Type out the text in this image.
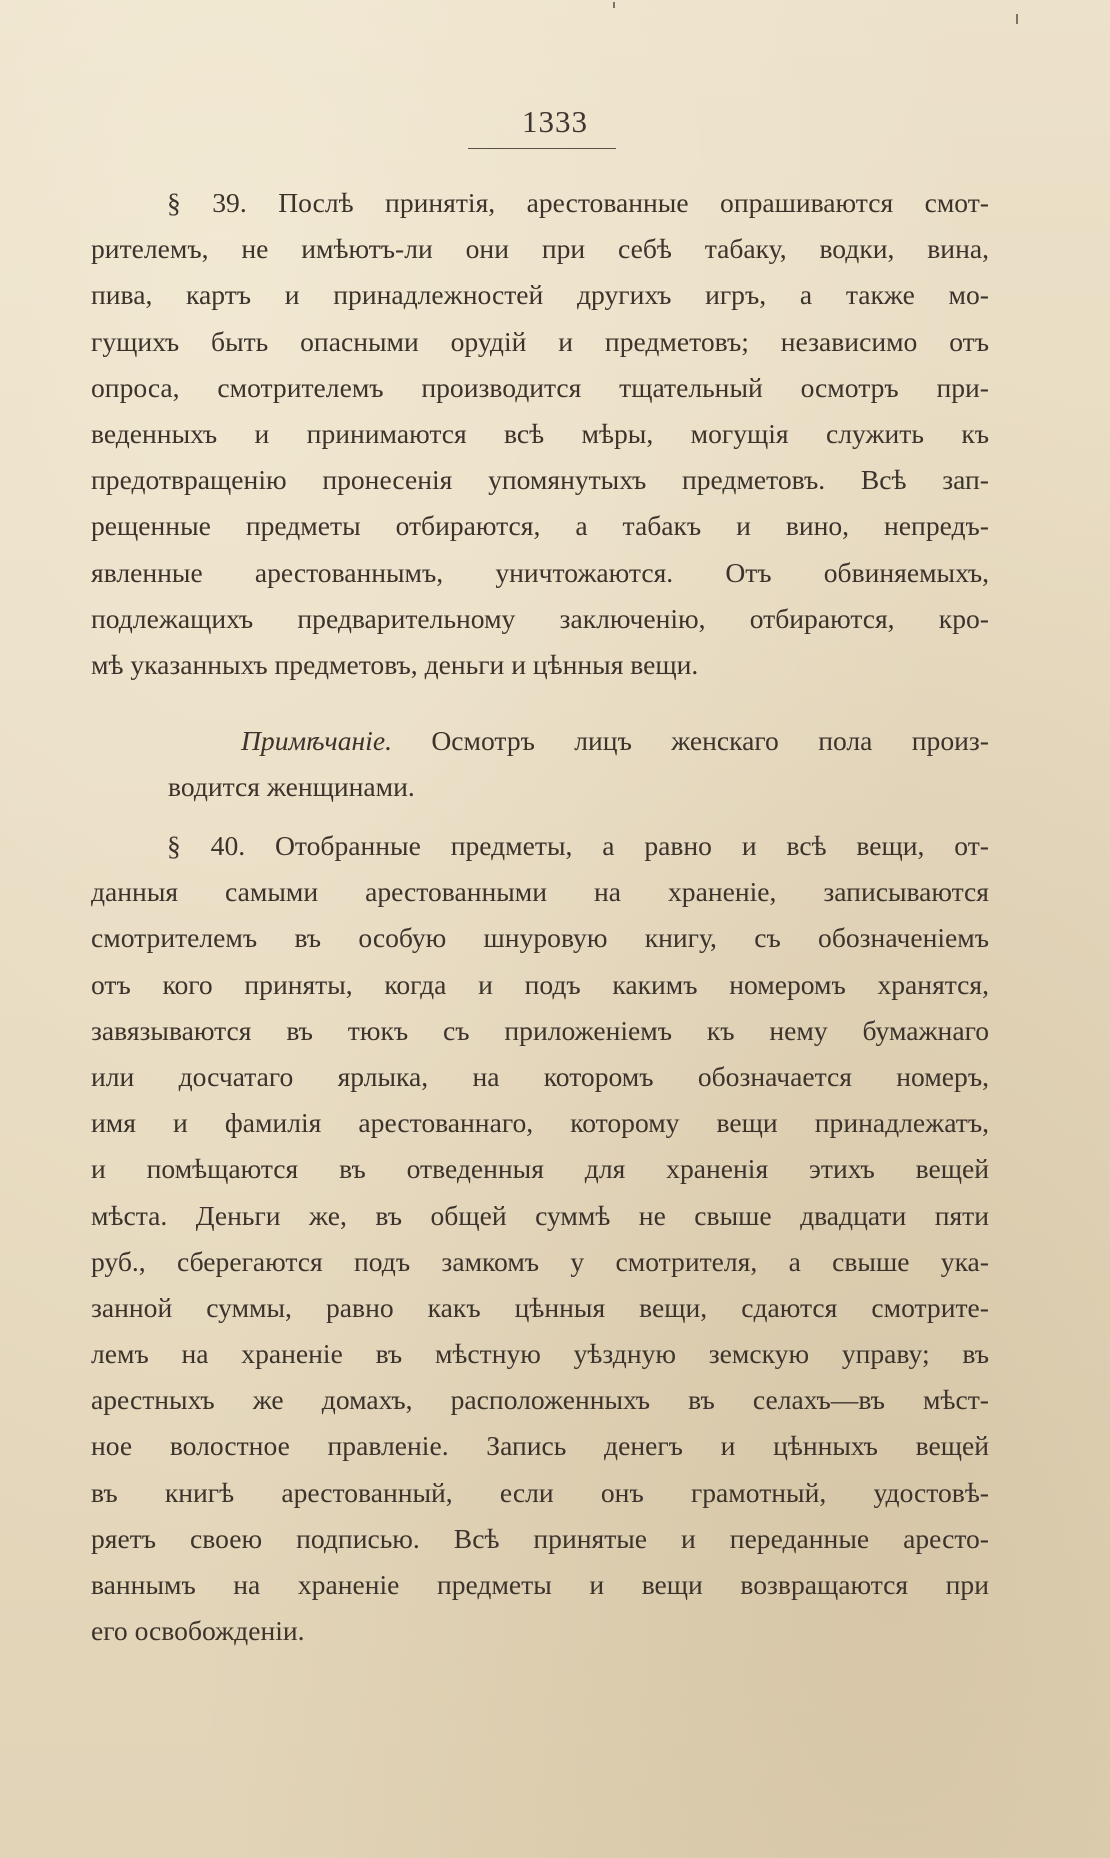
1333
§ 39. Послѣ принятія, арестованные опрашиваются смот-
рителемъ, не имѣютъ-ли они при себѣ табаку, водки, вина,
пива, картъ и принадлежностей другихъ игръ, а также мо-
гущихъ быть опасными орудій и предметовъ; независимо отъ
опроса, смотрителемъ производится тщательный осмотръ при-
веденныхъ и принимаются всѣ мѣры, могущія служить къ
предотвращенію пронесенія упомянутыхъ предметовъ. Всѣ зап-
рещенные предметы отбираются, а табакъ и вино, непредъ-
явленные арестованнымъ, уничтожаются. Отъ обвиняемыхъ,
подлежащихъ предварительному заключенію, отбираются, кро-
мѣ указанныхъ предметовъ, деньги и цѣнныя вещи.
Примѣчаніе. Осмотръ лицъ женскаго пола произ-
водится женщинами.
§ 40. Отобранные предметы, а равно и всѣ вещи, от-
данныя самыми арестованными на храненіе, записываются
смотрителемъ въ особую шнуровую книгу, съ обозначеніемъ
отъ кого приняты, когда и подъ какимъ номеромъ хранятся,
завязываются въ тюкъ съ приложеніемъ къ нему бумажнаго
или досчатаго ярлыка, на которомъ обозначается номеръ,
имя и фамилія арестованнаго, которому вещи принадлежатъ,
и помѣщаются въ отведенныя для храненія этихъ вещей
мѣста. Деньги же, въ общей суммѣ не свыше двадцати пяти
руб., сберегаются подъ замкомъ у смотрителя, а свыше ука-
занной суммы, равно какъ цѣнныя вещи, сдаются смотрите-
лемъ на храненіе въ мѣстную уѣздную земскую управу; въ
арестныхъ же домахъ, расположенныхъ въ селахъ—въ мѣст-
ное волостное правленіе. Запись денегъ и цѣнныхъ вещей
въ книгѣ арестованный, если онъ грамотный, удостовѣ-
ряетъ своею подписью. Всѣ принятые и переданные аресто-
ваннымъ на храненіе предметы и вещи возвращаются при
его освобожденіи.
